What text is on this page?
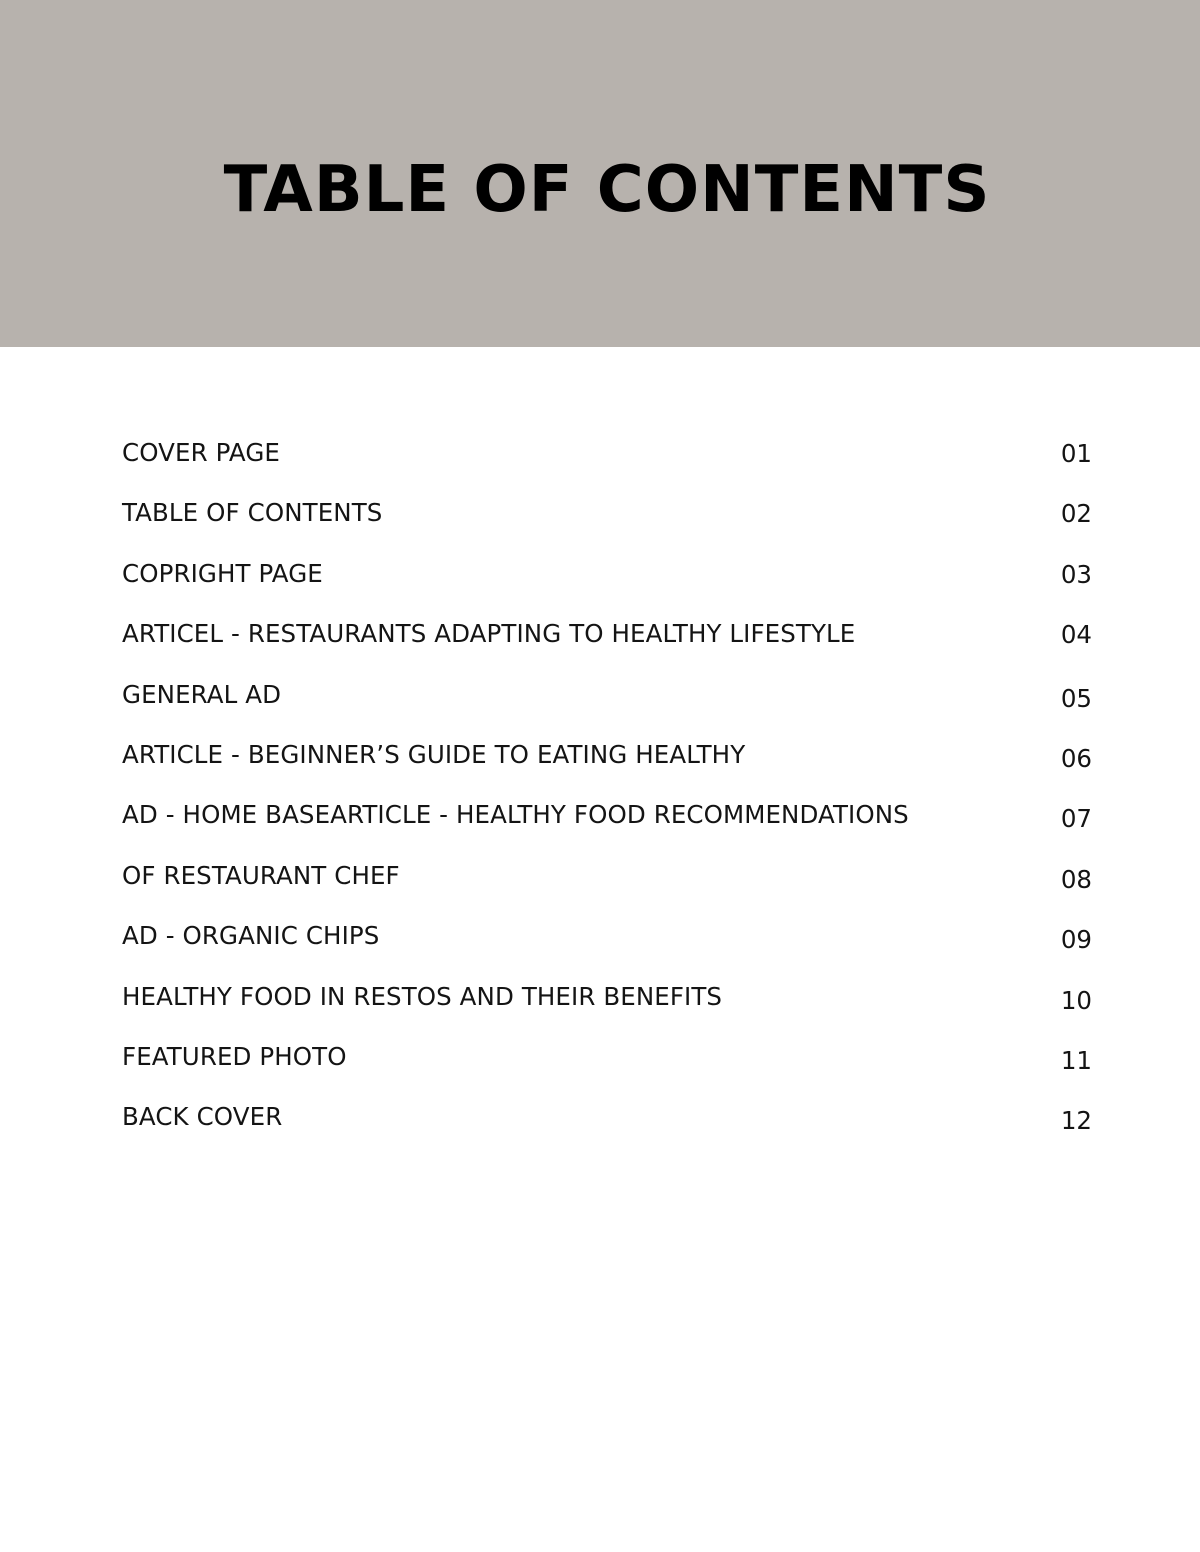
TABLE OF CONTENTS
COVER PAGE	01
TABLE OF CONTENTS	02
COPRIGHT PAGE	03
ARTICEL - RESTAURANTS ADAPTING TO HEALTHY LIFESTYLE	04
GENERAL AD	05
ARTICLE - BEGINNER’S GUIDE TO EATING HEALTHY	06
AD - HOME BASEARTICLE - HEALTHY FOOD RECOMMENDATIONS	07
OF RESTAURANT CHEF	08
AD - ORGANIC CHIPS	09
HEALTHY FOOD IN RESTOS AND THEIR BENEFITS	10
FEATURED PHOTO	11
BACK COVER	12
